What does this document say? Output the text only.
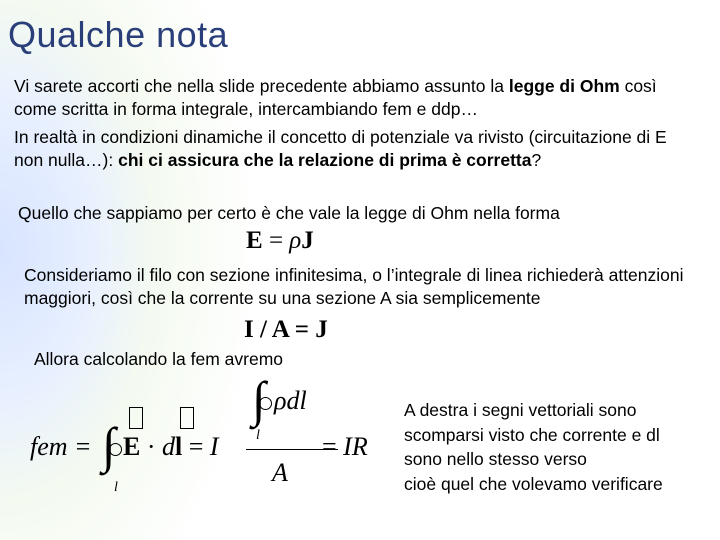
Qualche nota
Vi sarete accorti che nella slide precedente abbiamo assunto la legge di Ohm così come scritta in forma integrale, intercambiando fem e ddp…
In realtà in condizioni dinamiche il concetto di potenziale va rivisto (circuitazione di E non nulla…): chi ci assicura che la relazione di prima è corretta?
Quello che sappiamo per certo è che vale la legge di Ohm nella forma
E = ρJ
Consideriamo il filo con sezione infinitesima, o l’integrale di linea richiederà attenzioni maggiori, così che la corrente su una sezione A sia semplicemente
I / A = J
Allora calcolando la fem avremo
fem = ∫ E · dl = I
l
∫ ρdl
l
A
= IR
A destra i segni vettoriali sono
scomparsi visto che corrente e dl
sono nello stesso verso
cioè quel che volevamo verificare
